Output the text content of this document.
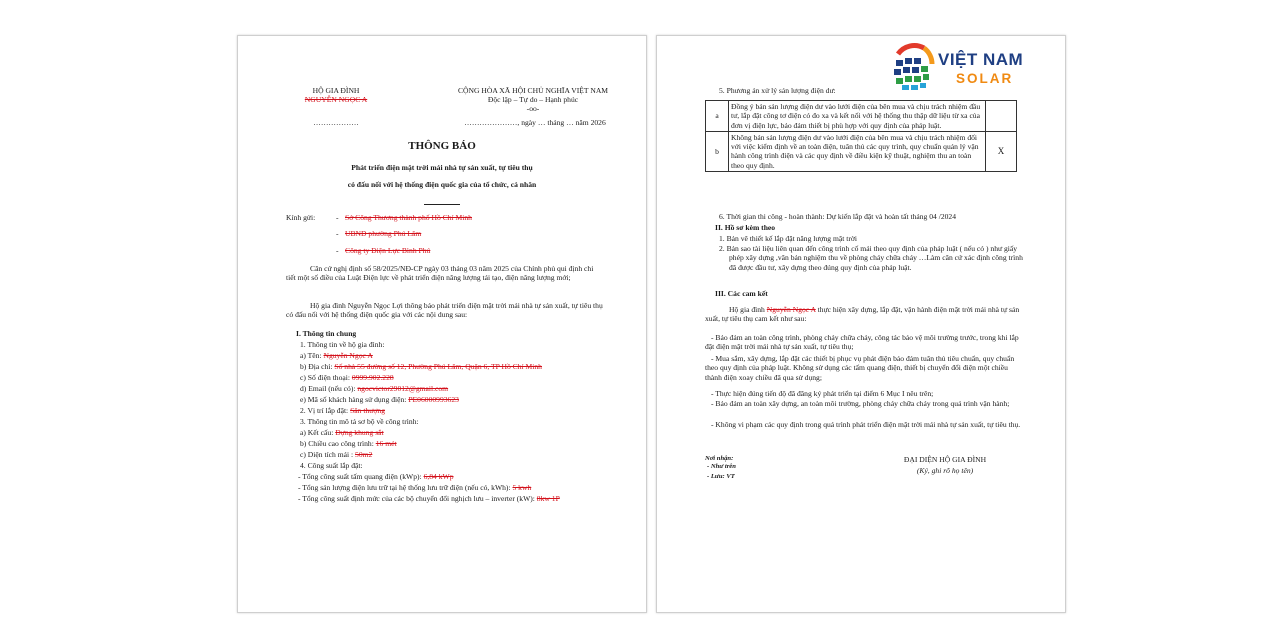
HỘ GIA ĐÌNH
NGUYỄN NGỌC A
………………
CỘNG HÒA XÃ HỘI CHỦ NGHĨA VIỆT NAM
Độc lập – Tự do – Hạnh phúc
-oo-
…………………, ngày … tháng … năm 2026
THÔNG BÁO
Phát triển điện mặt trời mái nhà tự sản xuất, tự tiêu thụ
có đấu nối với hệ thống điện quốc gia của tổ chức, cá nhân
Kính gửi:	- Sở Công Thương thành phố Hồ Chí Minh
- UBND phường Phú Lâm
- Công ty Điện Lực Bình Phú
Căn cứ nghị định số 58/2025/NĐ-CP ngày 03 tháng 03 năm 2025 của Chính phủ qui định chi tiết một số điều của Luật Điện lực về phát triển điện năng lượng tái tạo, điện năng lượng mới;
Hộ gia đình Nguyễn Ngọc Lợi thông báo phát triển điện mặt trời mái nhà tự sản xuất, tự tiêu thụ có đấu nối với hệ thống điện quốc gia với các nội dung sau:
I. Thông tin chung
1. Thông tin về hộ gia đình:
a) Tên: Nguyễn Ngọc A
b) Địa chỉ: Số nhà 55 đường số 12, Phường Phú Lâm, Quận 6, TP Hồ Chí Minh
c) Số điện thoại: 0999.902.228
d) Email (nếu có): ngocvictor29012@gmail.com
e) Mã số khách hàng sử dụng điện: PE06000993623
2. Vị trí lắp đặt: Sân thượng
3. Thông tin mô tả sơ bộ về công trình:
a) Kết cấu: Dựng khung sắt
b) Chiều cao công trình: 16 mét
c) Diện tích mái : 50m2
4. Công suất lắp đặt:
- Tổng công suất tấm quang điện (kWp): 6,84 kWp
- Tổng sản lượng điện lưu trữ tại hệ thống lưu trữ điện (nếu có, kWh): 5 kwh
- Tổng công suất định mức của các bộ chuyển đổi nghịch lưu – inverter (kW): 8kw 1P
VIỆT NAM
SOLAR
5. Phương án xử lý sản lượng điện dư:
a	Đồng ý bán sản lượng điện dư vào lưới điện của bên mua và chịu trách nhiệm đầu tư, lắp đặt công tơ điện có đo xa và kết nối với hệ thống thu thập dữ liệu từ xa của đơn vị điện lực, bảo đảm thiết bị phù hợp với quy định của pháp luật.	
b	Không bán sản lượng điện dư vào lưới điện của bên mua và chịu trách nhiệm đối với việc kiểm định về an toàn điện, tuân thủ các quy trình, quy chuẩn quản lý vận hành công trình điện và các quy định về điều kiện kỹ thuật, nghiệm thu an toàn theo quy định.	X
6. Thời gian thi công - hoàn thành: Dự kiến lắp đặt và hoàn tất tháng 04 /2024
II. Hồ sơ kèm theo
1. Bản vẽ thiết kế lắp đặt năng lượng mặt trời
2. Bản sao tài liệu liên quan đến công trình cố mái theo quy định của pháp luật ( nếu có ) như giấy phép xây dựng ,văn bản nghiệm thu về phòng cháy chữa cháy …Làm căn cứ xác định công trình đã được đầu tư, xây dựng theo đúng quy định của pháp luật.
III. Các cam kết
Hộ gia đình Nguyễn Ngọc A thực hiện xây dựng, lắp đặt, vận hành điện mặt trời mái nhà tự sản xuất, tự tiêu thụ cam kết như sau:
- Bảo đảm an toàn công trình, phòng cháy chữa cháy, công tác bảo vệ môi trường trước, trong khi lắp đặt điện mặt trời mái nhà tự sản xuất, tự tiêu thụ;
- Mua sắm, xây dựng, lắp đặt các thiết bị phục vụ phát điện bảo đảm tuân thủ tiêu chuẩn, quy chuẩn theo quy định của pháp luật. Không sử dụng các tấm quang điện, thiết bị chuyển đổi điện một chiều thành điện xoay chiều đã qua sử dụng;
- Thực hiện đúng tiến độ đã đăng ký phát triển tại điểm 6 Mục I nêu trên;
- Bảo đảm an toàn xây dựng, an toàn môi trường, phòng cháy chữa cháy trong quá trình vận hành;
- Không vi phạm các quy định trong quá trình phát triển điện mặt trời mái nhà tự sản xuất, tự tiêu thụ.
Nơi nhận:
- Như trên
- Lưu: VT
ĐẠI DIỆN HỘ GIA ĐÌNH
(Ký, ghi rõ họ tên)
